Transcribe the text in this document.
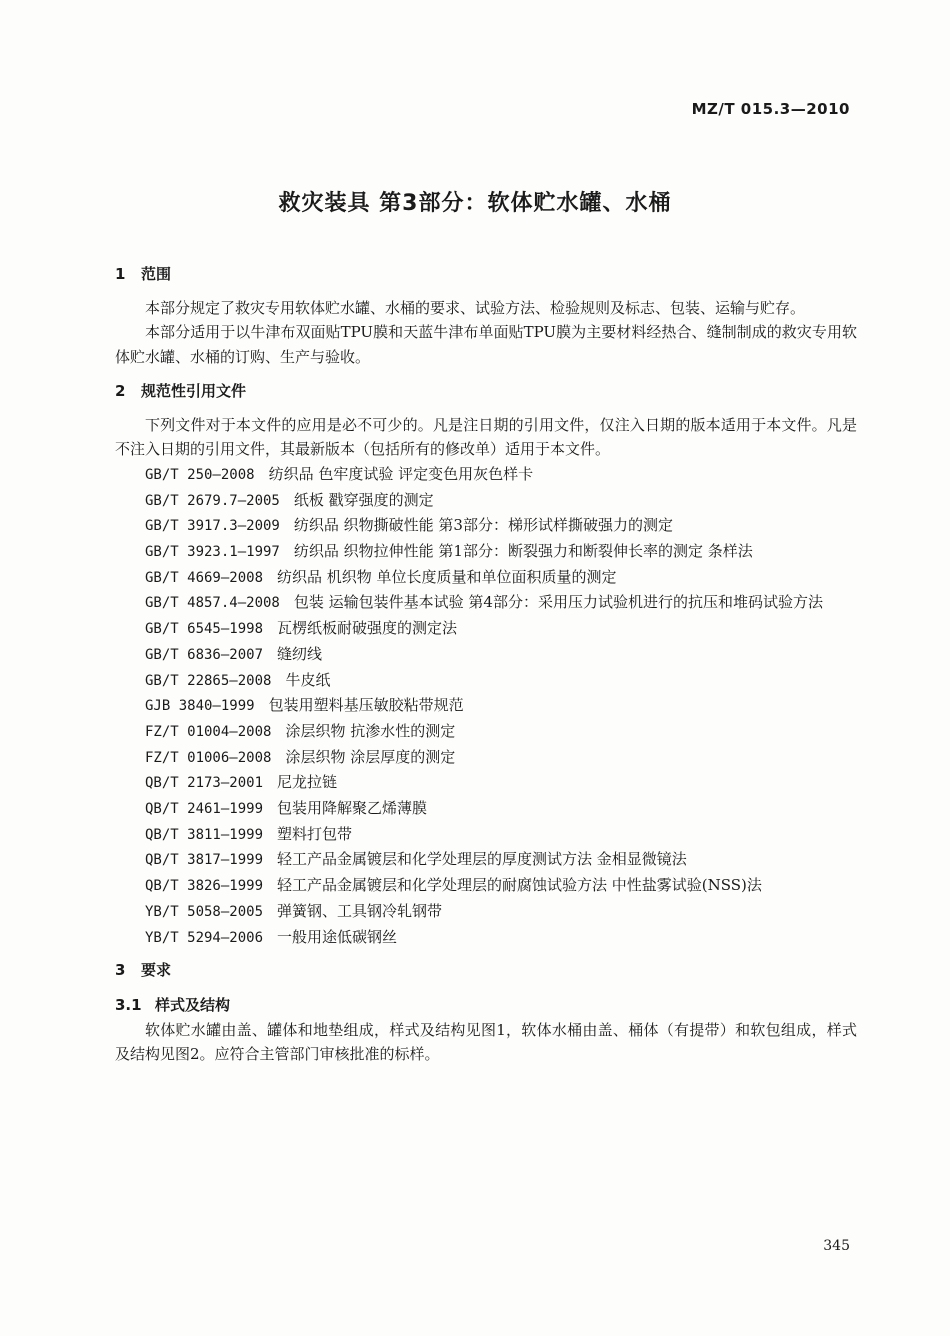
MZ/T 015.3—2010
救灾装具 第3部分：软体贮水罐、水桶
1 范围

本部分规定了救灾专用软体贮水罐、水桶的要求、试验方法、检验规则及标志、包装、运输与贮存。

本部分适用于以牛津布双面贴TPU膜和天蓝牛津布单面贴TPU膜为主要材料经热合、缝制制成的救灾专用软体贮水罐、水桶的订购、生产与验收。

2 规范性引用文件

下列文件对于本文件的应用是必不可少的。凡是注日期的引用文件，仅注入日期的版本适用于本文件。凡是不注入日期的引用文件，其最新版本（包括所有的修改单）适用于本文件。

GB/T 250—2008 纺织品 色牢度试验 评定变色用灰色样卡
GB/T 2679.7—2005 纸板 戳穿强度的测定
GB/T 3917.3—2009 纺织品 织物撕破性能 第3部分：梯形试样撕破强力的测定
GB/T 3923.1—1997 纺织品 织物拉伸性能 第1部分：断裂强力和断裂伸长率的测定 条样法
GB/T 4669—2008 纺织品 机织物 单位长度质量和单位面积质量的测定
GB/T 4857.4—2008 包装 运输包装件基本试验 第4部分：采用压力试验机进行的抗压和堆码试验方法
GB/T 6545—1998 瓦楞纸板耐破强度的测定法
GB/T 6836—2007 缝纫线
GB/T 22865—2008 牛皮纸
GJB 3840—1999 包装用塑料基压敏胶粘带规范
FZ/T 01004—2008 涂层织物 抗渗水性的测定
FZ/T 01006—2008 涂层织物 涂层厚度的测定
QB/T 2173—2001 尼龙拉链
QB/T 2461—1999 包装用降解聚乙烯薄膜
QB/T 3811—1999 塑料打包带
QB/T 3817—1999 轻工产品金属镀层和化学处理层的厚度测试方法 金相显微镜法
QB/T 3826—1999 轻工产品金属镀层和化学处理层的耐腐蚀试验方法 中性盐雾试验(NSS)法
YB/T 5058—2005 弹簧钢、工具钢冷轧钢带
YB/T 5294—2006 一般用途低碳钢丝
3 要求
3.1 样式及结构

软体贮水罐由盖、罐体和地垫组成，样式及结构见图1，软体水桶由盖、桶体（有提带）和软包组成，样式及结构见图2。应符合主管部门审核批准的标样。

345
